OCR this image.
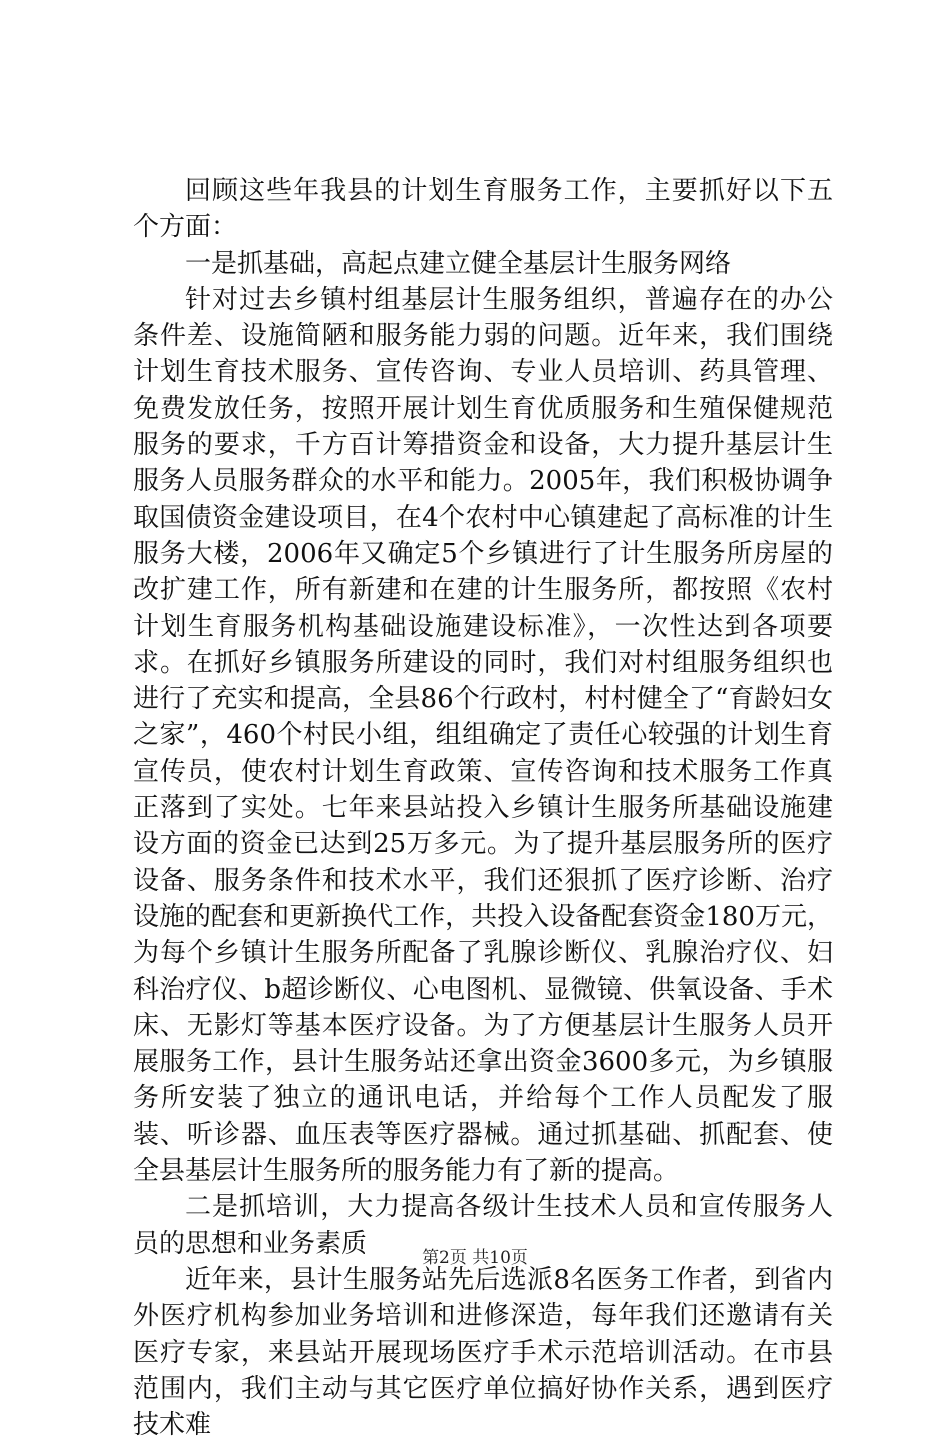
回顾这些年我县的计划生育服务工作，主要抓好以下五个方面：

一是抓基础，高起点建立健全基层计生服务网络

针对过去乡镇村组基层计生服务组织，普遍存在的办公条件差、设施简陋和服务能力弱的问题。近年来，我们围绕计划生育技术服务、宣传咨询、专业人员培训、药具管理、免费发放任务，按照开展计划生育优质服务和生殖保健规范服务的要求，千方百计筹措资金和设备，大力提升基层计生服务人员服务群众的水平和能力。2005年，我们积极协调争取国债资金建设项目，在4个农村中心镇建起了高标准的计生服务大楼，2006年又确定5个乡镇进行了计生服务所房屋的改扩建工作，所有新建和在建的计生服务所，都按照《农村计划生育服务机构基础设施建设标准》，一次性达到各项要求。在抓好乡镇服务所建设的同时，我们对村组服务组织也进行了充实和提高，全县86个行政村，村村健全了“育龄妇女之家”，460个村民小组，组组确定了责任心较强的计划生育宣传员，使农村计划生育政策、宣传咨询和技术服务工作真正落到了实处。七年来县站投入乡镇计生服务所基础设施建设方面的资金已达到25万多元。为了提升基层服务所的医疗设备、服务条件和技术水平，我们还狠抓了医疗诊断、治疗设施的配套和更新换代工作，共投入设备配套资金180万元，为每个乡镇计生服务所配备了乳腺诊断仪、乳腺治疗仪、妇科治疗仪、b超诊断仪、心电图机、显微镜、供氧设备、手术床、无影灯等基本医疗设备。为了方便基层计生服务人员开展服务工作，县计生服务站还拿出资金3600多元，为乡镇服务所安装了独立的通讯电话，并给每个工作人员配发了服装、听诊器、血压表等医疗器械。通过抓基础、抓配套、使全县基层计生服务所的服务能力有了新的提高。

二是抓培训，大力提高各级计生技术人员和宣传服务人员的思想和业务素质

近年来，县计生服务站先后选派8名医务工作者，到省内外医疗机构参加业务培训和进修深造，每年我们还邀请有关医疗专家，来县站开展现场医疗手术示范培训活动。在市县范围内，我们主动与其它医疗单位搞好协作关系，遇到医疗技术难

第2页 共10页
